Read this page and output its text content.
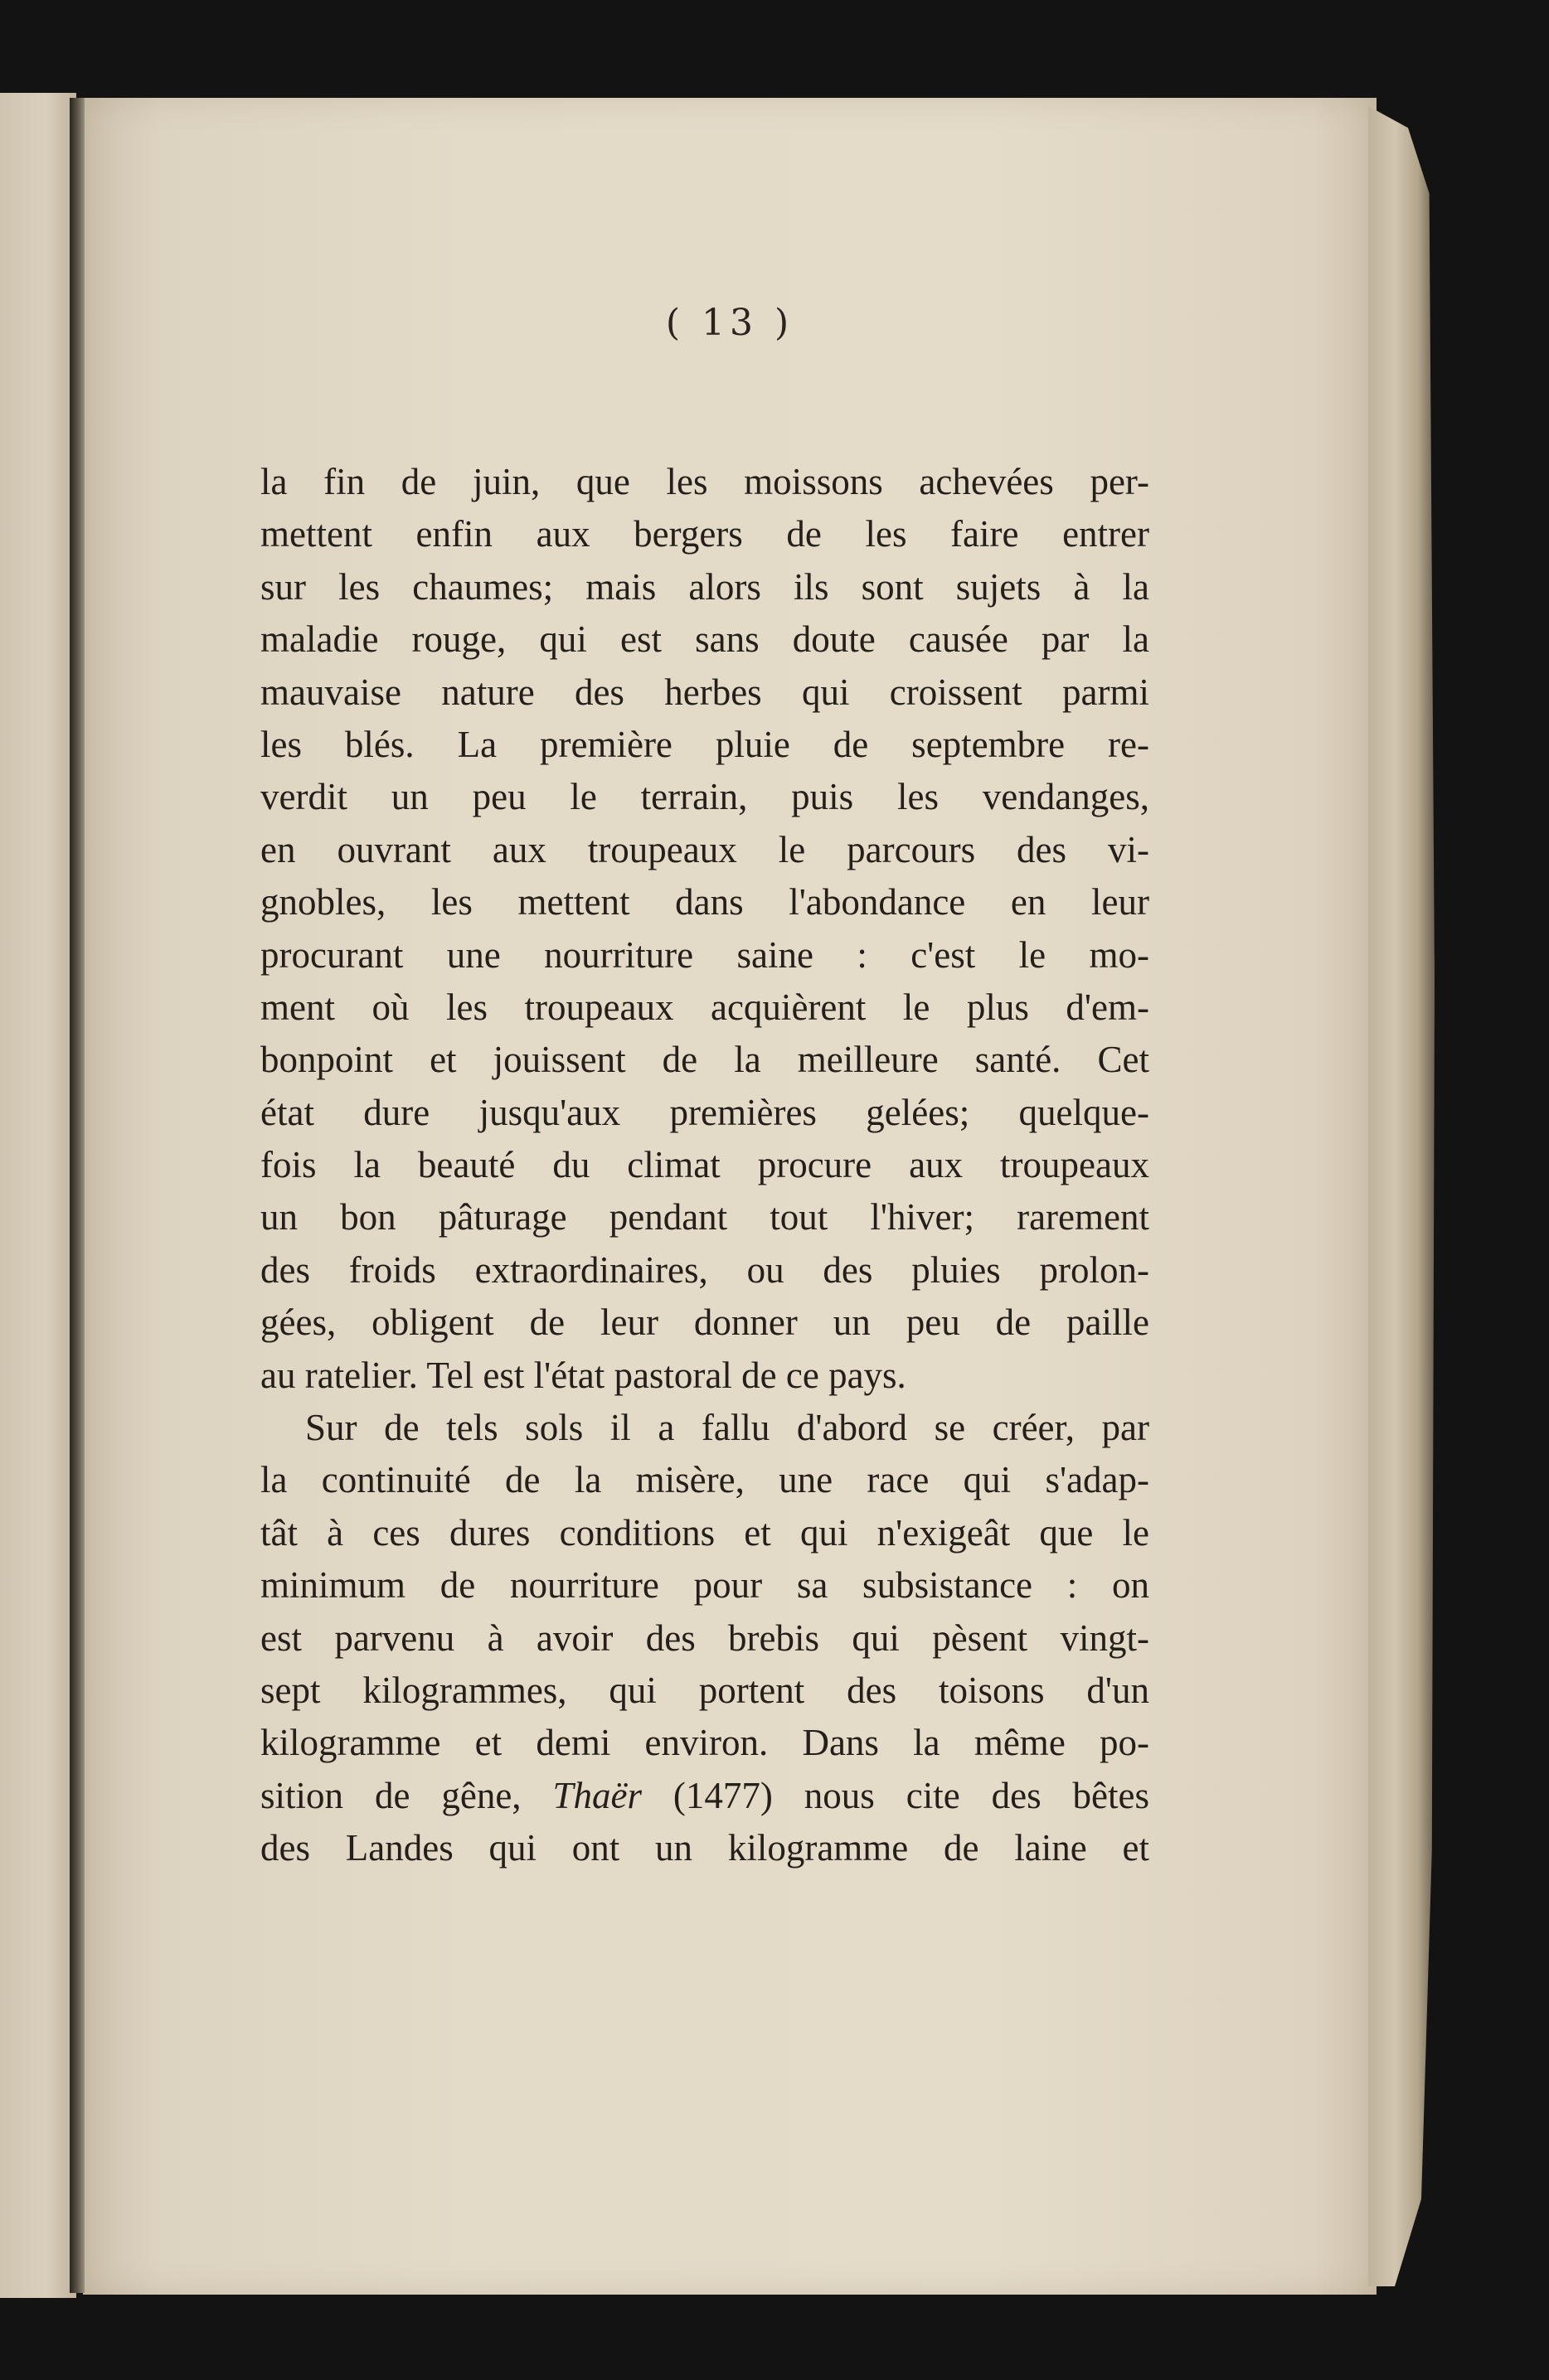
( 13 )
la fin de juin, que les moissons achevées per-
mettent enfin aux bergers de les faire entrer
sur les chaumes; mais alors ils sont sujets à la
maladie rouge, qui est sans doute causée par la
mauvaise nature des herbes qui croissent parmi
les blés. La première pluie de septembre re-
verdit un peu le terrain, puis les vendanges,
en ouvrant aux troupeaux le parcours des vi-
gnobles, les mettent dans l'abondance en leur
procurant une nourriture saine : c'est le mo-
ment où les troupeaux acquièrent le plus d'em-
bonpoint et jouissent de la meilleure santé. Cet
état dure jusqu'aux premières gelées; quelque-
fois la beauté du climat procure aux troupeaux
un bon pâturage pendant tout l'hiver; rarement
des froids extraordinaires, ou des pluies prolon-
gées, obligent de leur donner un peu de paille
au ratelier. Tel est l'état pastoral de ce pays.
Sur de tels sols il a fallu d'abord se créer, par
la continuité de la misère, une race qui s'adap-
tât à ces dures conditions et qui n'exigeât que le
minimum de nourriture pour sa subsistance : on
est parvenu à avoir des brebis qui pèsent vingt-
sept kilogrammes, qui portent des toisons d'un
kilogramme et demi environ. Dans la même po-
sition de gêne, Thaër (1477) nous cite des bêtes
des Landes qui ont un kilogramme de laine et
